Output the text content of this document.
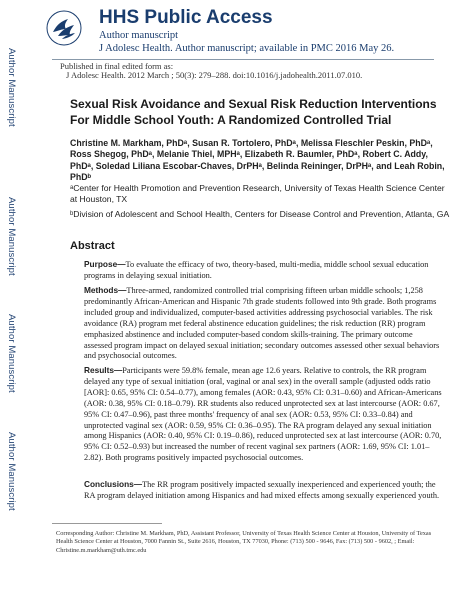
Author Manuscript
Author Manuscript
Author Manuscript
Author Manuscript
HHS Public Access
Author manuscript
J Adolesc Health. Author manuscript; available in PMC 2016 May 26.
Published in final edited form as:
J Adolesc Health. 2012 March ; 50(3): 279–288. doi:10.1016/j.jadohealth.2011.07.010.
Sexual Risk Avoidance and Sexual Risk Reduction Interventions For Middle School Youth: A Randomized Controlled Trial
Christine M. Markham, PhDᵃ, Susan R. Tortolero, PhDᵃ, Melissa Fleschler Peskin, PhDᵃ, Ross Shegog, PhDᵃ, Melanie Thiel, MPHᵃ, Elizabeth R. Baumler, PhDᵃ, Robert C. Addy, PhDᵃ, Soledad Liliana Escobar-Chaves, DrPHᵃ, Belinda Reininger, DrPHᵃ, and Leah Robin, PhDᵇ
ᵃCenter for Health Promotion and Prevention Research, University of Texas Health Science Center at Houston, TX
ᵇDivision of Adolescent and School Health, Centers for Disease Control and Prevention, Atlanta, GA
Abstract
Purpose—To evaluate the efficacy of two, theory-based, multi-media, middle school sexual education programs in delaying sexual initiation.
Methods—Three-armed, randomized controlled trial comprising fifteen urban middle schools; 1,258 predominantly African-American and Hispanic 7th grade students followed into 9th grade. Both programs included group and individualized, computer-based activities addressing psychosocial variables. The risk avoidance (RA) program met federal abstinence education guidelines; the risk reduction (RR) program emphasized abstinence and included computer-based condom skills-training. The primary outcome assessed program impact on delayed sexual initiation; secondary outcomes assessed other sexual behaviors and psychosocial outcomes.
Results—Participants were 59.8% female, mean age 12.6 years. Relative to controls, the RR program delayed any type of sexual initiation (oral, vaginal or anal sex) in the overall sample (adjusted odds ratio [AOR]: 0.65, 95% CI: 0.54–0.77), among females (AOR: 0.43, 95% CI: 0.31–0.60) and African-Americans (AOR: 0.38, 95% CI: 0.18–0.79). RR students also reduced unprotected sex at last intercourse (AOR: 0.67, 95% CI: 0.47–0.96), past three months' frequency of anal sex (AOR: 0.53, 95% CI: 0.33–0.84) and unprotected vaginal sex (AOR: 0.59, 95% CI: 0.36–0.95). The RA program delayed any sexual initiation among Hispanics (AOR: 0.40, 95% CI: 0.19–0.86), reduced unprotected sex at last intercourse (AOR: 0.70, 95% CI: 0.52–0.93) but increased the number of recent vaginal sex partners (AOR: 1.69, 95% CI: 1.01–2.82). Both programs positively impacted psychosocial outcomes.
Conclusions—The RR program positively impacted sexually inexperienced and experienced youth; the RA program delayed initiation among Hispanics and had mixed effects among sexually experienced youth.
Corresponding Author: Christine M. Markham, PhD, Assistant Professor, University of Texas Health Science Center at Houston, University of Texas Health Science Center at Houston, 7000 Fannin St., Suite 2616, Houston, TX 77030, Phone: (713) 500 - 9646, Fax: (713) 500 - 9602, ; Email: Christine.m.markham@uth.tmc.edu
